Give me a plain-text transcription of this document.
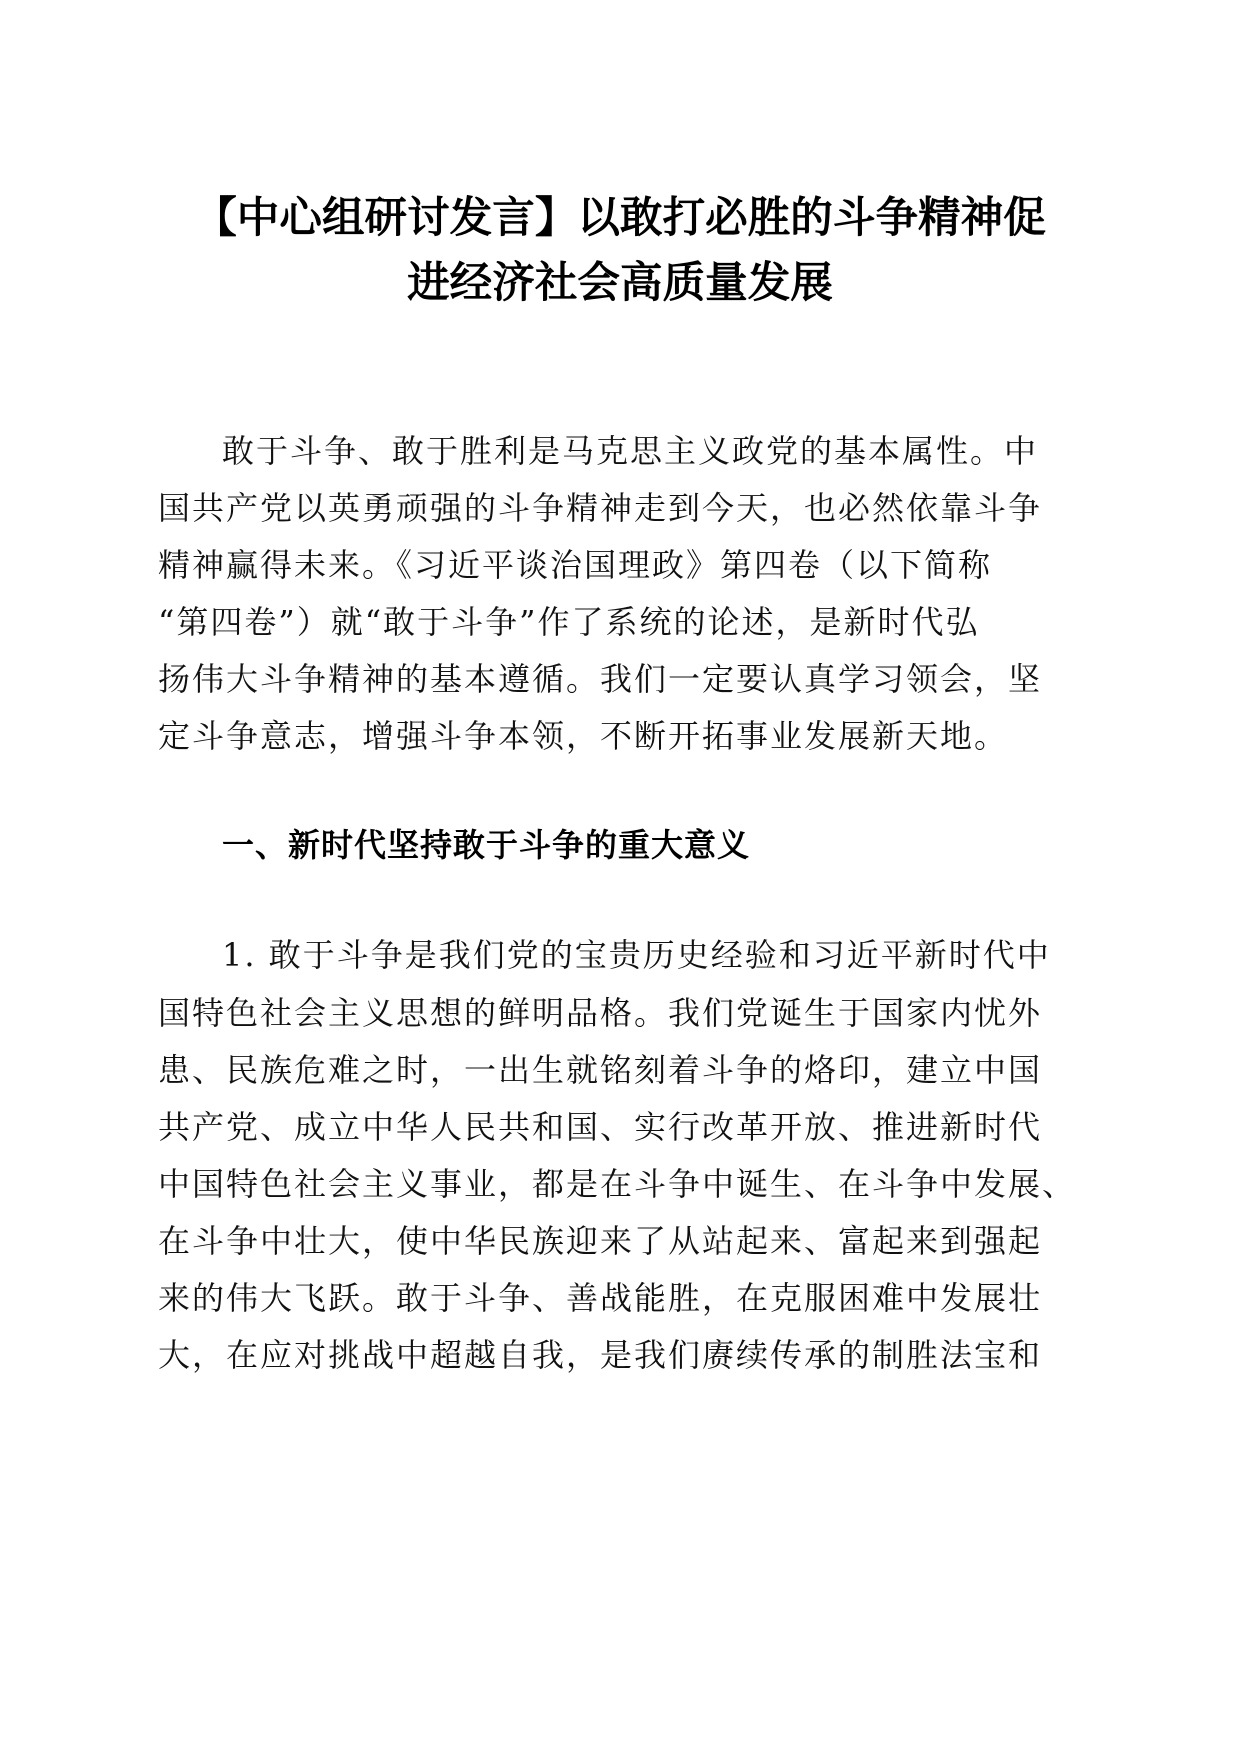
【中心组研讨发言】以敢打必胜的斗争精神促
进经济社会高质量发展
敢于斗争、敢于胜利是马克思主义政党的基本属性。中
国共产党以英勇顽强的斗争精神走到今天，也必然依靠斗争
精神赢得未来。《习近平谈治国理政》第四卷（以下简称
“第四卷”）就“敢于斗争”作了系统的论述，是新时代弘
扬伟大斗争精神的基本遵循。我们一定要认真学习领会，坚
定斗争意志，增强斗争本领，不断开拓事业发展新天地。
一、新时代坚持敢于斗争的重大意义
1. 敢于斗争是我们党的宝贵历史经验和习近平新时代中
国特色社会主义思想的鲜明品格。我们党诞生于国家内忧外
患、民族危难之时，一出生就铭刻着斗争的烙印，建立中国
共产党、成立中华人民共和国、实行改革开放、推进新时代
中国特色社会主义事业，都是在斗争中诞生、在斗争中发展、
在斗争中壮大，使中华民族迎来了从站起来、富起来到强起
来的伟大飞跃。敢于斗争、善战能胜，在克服困难中发展壮
大，在应对挑战中超越自我，是我们赓续传承的制胜法宝和
